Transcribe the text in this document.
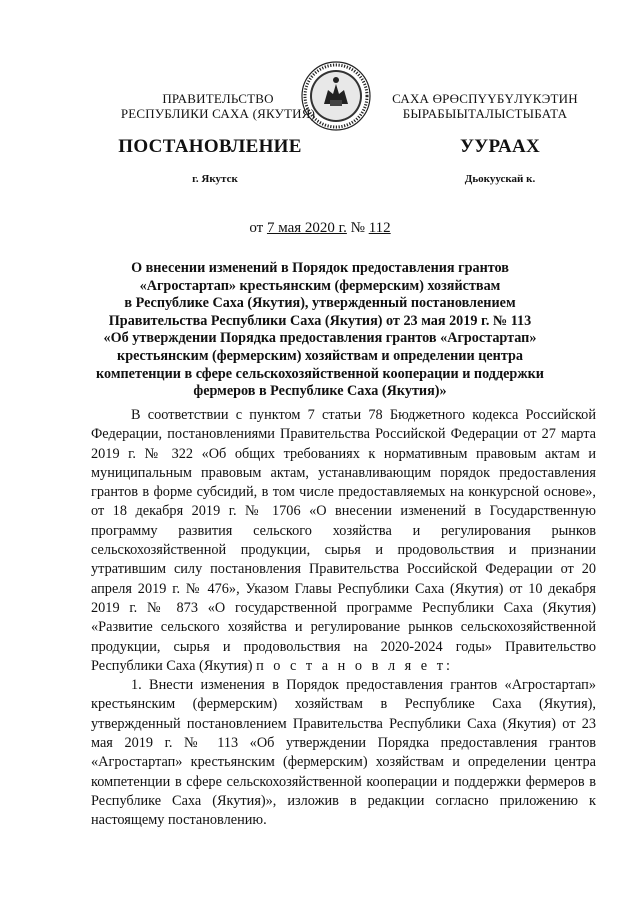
ПРАВИТЕЛЬСТВО
РЕСПУБЛИКИ САХА (ЯКУТИЯ)
САХА ӨРӨСПҮҮБҮЛҮКЭТИН
БЫРАБЫЫТАЛЫСТЫБАТА
ПОСТАНОВЛЕНИЕ	УУРААХ
г. Якутск	Дьокуускай к.
от 7 мая 2020 г. № 112
О внесении изменений в Порядок предоставления грантов
«Агростартап» крестьянским (фермерским) хозяйствам
в Республике Саха (Якутия), утвержденный постановлением
Правительства Республики Саха (Якутия) от 23 мая 2019 г. № 113
«Об утверждении Порядка предоставления грантов «Агростартап»
крестьянским (фермерским) хозяйствам и определении центра
компетенции в сфере сельскохозяйственной кооперации и поддержки
фермеров в Республике Саха (Якутия)»

В соответствии с пунктом 7 статьи 78 Бюджетного кодекса Российской Федерации, постановлениями Правительства Российской Федерации от 27 марта 2019 г. № 322 «Об общих требованиях к нормативным правовым актам и муниципальным правовым актам, устанавливающим порядок предоставления грантов в форме субсидий, в том числе предоставляемых на конкурсной основе», от 18 декабря 2019 г. № 1706 «О внесении изменений в Государственную программу развития сельского хозяйства и регулирования рынков сельскохозяйственной продукции, сырья и продовольствия и признании утратившим силу постановления Правительства Российской Федерации от 20 апреля 2019 г. № 476», Указом Главы Республики Саха (Якутия) от 10 декабря 2019 г. № 873 «О государственной программе Республики Саха (Якутия) «Развитие сельского хозяйства и регулирование рынков сельскохозяйственной продукции, сырья и продовольствия на 2020-2024 годы» Правительство Республики Саха (Якутия) п о с т а н о в л я е т:

1. Внести изменения в Порядок предоставления грантов «Агростартап» крестьянским (фермерским) хозяйствам в Республике Саха (Якутия), утвержденный постановлением Правительства Республики Саха (Якутия) от 23 мая 2019 г. № 113 «Об утверждении Порядка предоставления грантов «Агростартап» крестьянским (фермерским) хозяйствам и определении центра компетенции в сфере сельскохозяйственной кооперации и поддержки фермеров в Республике Саха (Якутия)», изложив в редакции согласно приложению к настоящему постановлению.
